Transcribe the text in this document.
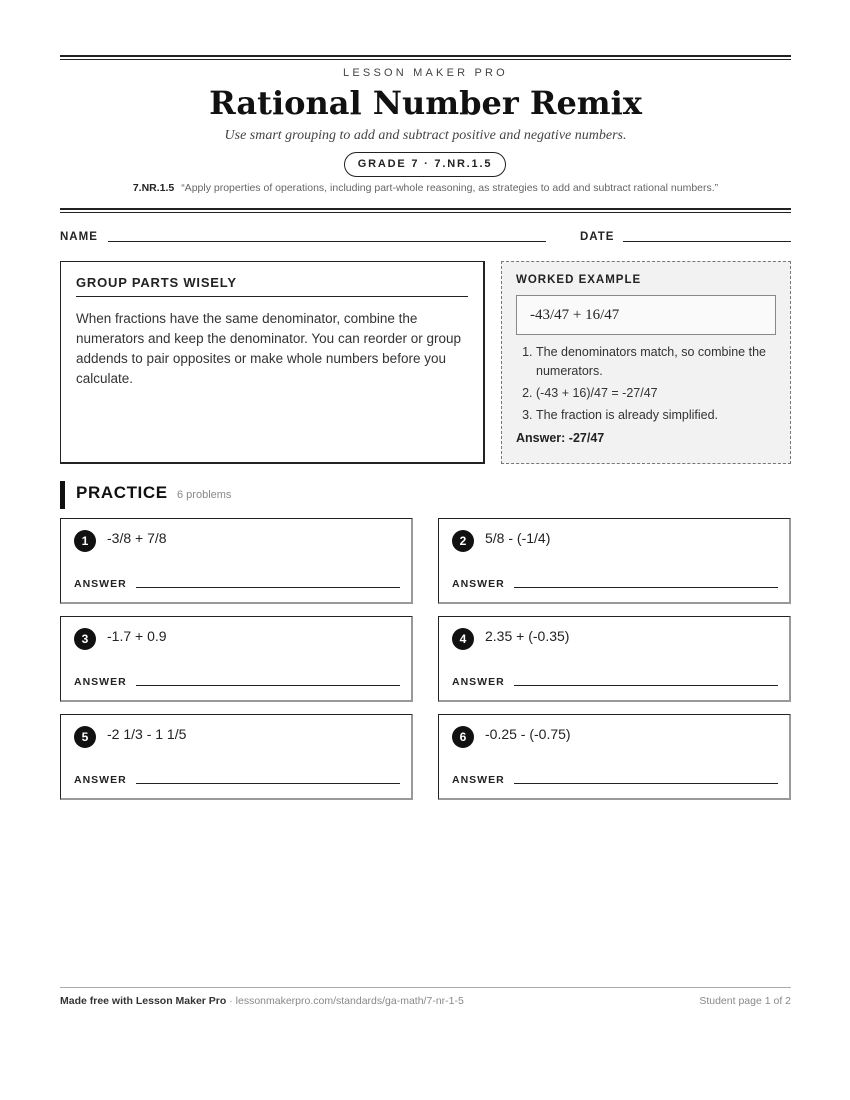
LESSON MAKER PRO
Rational Number Remix
Use smart grouping to add and subtract positive and negative numbers.
GRADE 7 · 7.NR.1.5
7.NR.1.5 “Apply properties of operations, including part-whole reasoning, as strategies to add and subtract rational numbers.”
NAME	DATE
GROUP PARTS WISELY
When fractions have the same denominator, combine the numerators and keep the denominator. You can reorder or group addends to pair opposites or make whole numbers before you calculate.
WORKED EXAMPLE
-43/47 + 16/47
1. The denominators match, so combine the numerators.
2. (-43 + 16)/47 = -27/47
3. The fraction is already simplified.
Answer: -27/47
PRACTICE 6 problems
1	-3/8 + 7/8
ANSWER
2	5/8 - (-1/4)
ANSWER
3	-1.7 + 0.9
ANSWER
4	2.35 + (-0.35)
ANSWER
5	-2 1/3 - 1 1/5
ANSWER
6	-0.25 - (-0.75)
ANSWER
Made free with Lesson Maker Pro · lessonmakerpro.com/standards/ga-math/7-nr-1-5	Student page 1 of 2
